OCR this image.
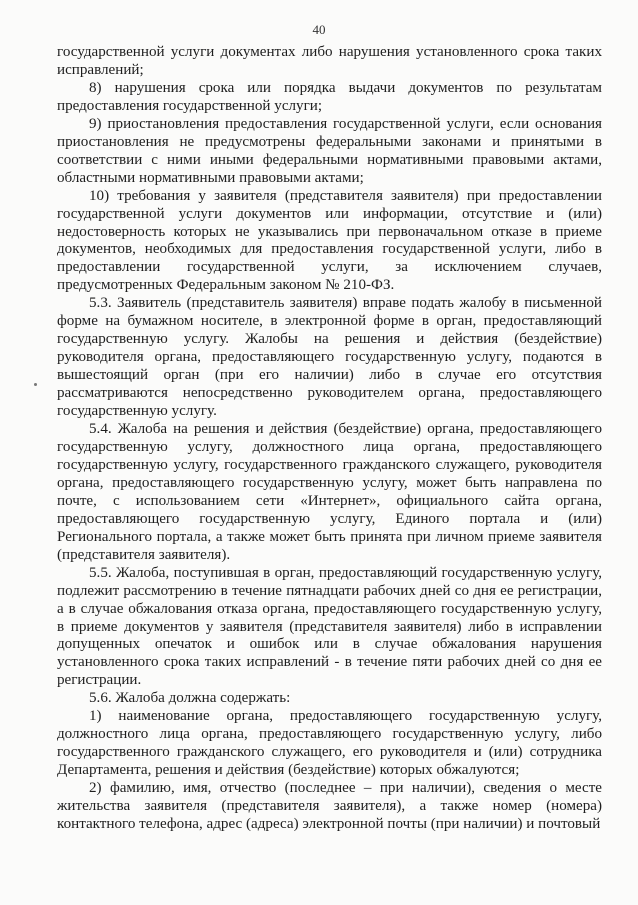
40

государственной услуги документах либо нарушения установленного срока таких исправлений;

8) нарушения срока или порядка выдачи документов по результатам предоставления государственной услуги;

9) приостановления предоставления государственной услуги, если основания приостановления не предусмотрены федеральными законами и принятыми в соответствии с ними иными федеральными нормативными правовыми актами, областными нормативными правовыми актами;

10) требования у заявителя (представителя заявителя) при предоставлении государственной услуги документов или информации, отсутствие и (или) недостоверность которых не указывались при первоначальном отказе в приеме документов, необходимых для предоставления государственной услуги, либо в предоставлении государственной услуги, за исключением случаев, предусмотренных Федеральным законом № 210-ФЗ.

5.3. Заявитель (представитель заявителя) вправе подать жалобу в письменной форме на бумажном носителе, в электронной форме в орган, предоставляющий государственную услугу. Жалобы на решения и действия (бездействие) руководителя органа, предоставляющего государственную услугу, подаются в вышестоящий орган (при его наличии) либо в случае его отсутствия рассматриваются непосредственно руководителем органа, предоставляющего государственную услугу.

5.4. Жалоба на решения и действия (бездействие) органа, предоставляющего государственную услугу, должностного лица органа, предоставляющего государственную услугу, государственного гражданского служащего, руководителя органа, предоставляющего государственную услугу, может быть направлена по почте, с использованием сети «Интернет», официального сайта органа, предоставляющего государственную услугу, Единого портала и (или) Регионального портала, а также может быть принята при личном приеме заявителя (представителя заявителя).

5.5. Жалоба, поступившая в орган, предоставляющий государственную услугу, подлежит рассмотрению в течение пятнадцати рабочих дней со дня ее регистрации, а в случае обжалования отказа органа, предоставляющего государственную услугу, в приеме документов у заявителя (представителя заявителя) либо в исправлении допущенных опечаток и ошибок или в случае обжалования нарушения установленного срока таких исправлений - в течение пяти рабочих дней со дня ее регистрации.

5.6. Жалоба должна содержать:

1) наименование органа, предоставляющего государственную услугу, должностного лица органа, предоставляющего государственную услугу, либо государственного гражданского служащего, его руководителя и (или) сотрудника Департамента, решения и действия (бездействие) которых обжалуются;

2) фамилию, имя, отчество (последнее – при наличии), сведения о месте жительства заявителя (представителя заявителя), а также номер (номера) контактного телефона, адрес (адреса) электронной почты (при наличии) и почтовый
